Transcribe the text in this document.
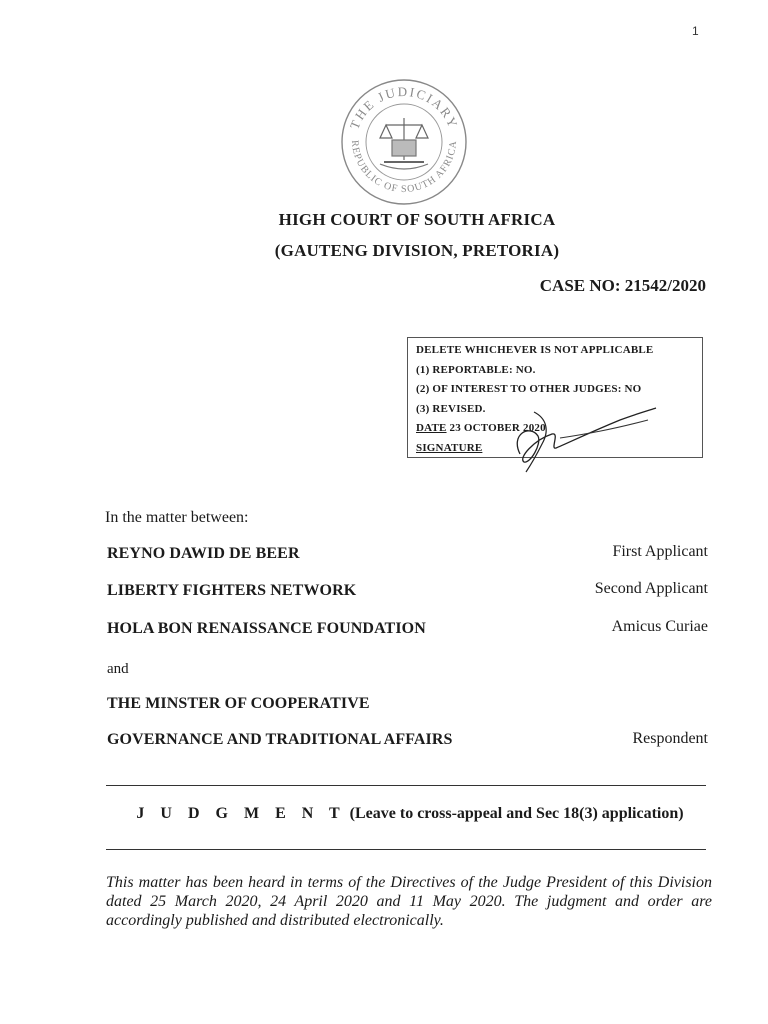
1
THE JUDICIARY
REPUBLIC OF SOUTH AFRICA
HIGH COURT OF SOUTH AFRICA
(GAUTENG DIVISION, PRETORIA)
CASE NO: 21542/2020
DELETE WHICHEVER IS NOT APPLICABLE
(1) REPORTABLE: NO.
(2) OF INTEREST TO OTHER JUDGES: NO
(3) REVISED.
DATE 23 OCTOBER 2020
SIGNATURE
In the matter between:
REYNO DAWID DE BEER	First Applicant
LIBERTY FIGHTERS NETWORK	Second Applicant
HOLA BON RENAISSANCE FOUNDATION	Amicus Curiae
and
THE MINSTER OF COOPERATIVE
GOVERNANCE AND TRADITIONAL AFFAIRS	Respondent
J U D G M E N T (Leave to cross-appeal and Sec 18(3) application)
This matter has been heard in terms of the Directives of the Judge President of this Division dated 25 March 2020, 24 April 2020 and 11 May 2020. The judgment and order are accordingly published and distributed electronically.
